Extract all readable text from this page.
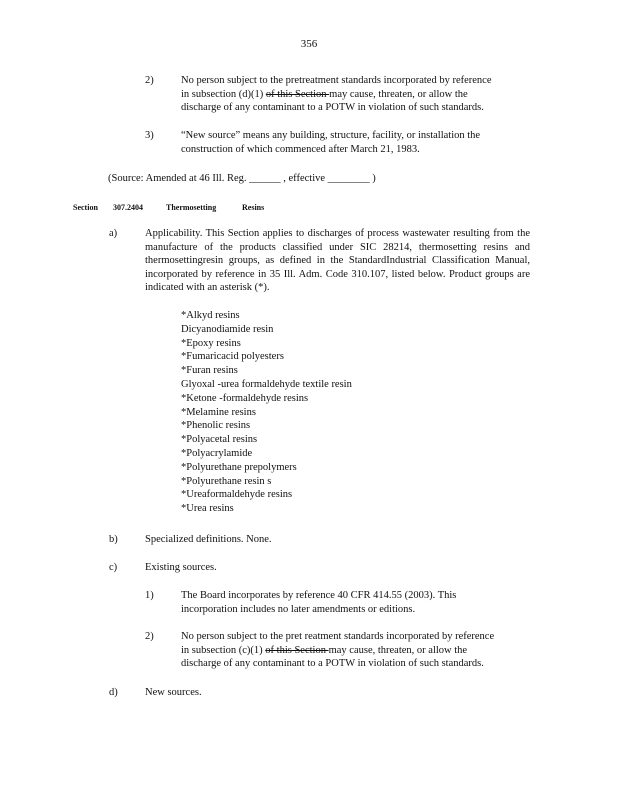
356
2)	No person subject to the pretreatment standards incorporated by reference
in subsection (d)(1) of this Section may cause, threaten, or allow the
discharge of any contaminant to a POTW in violation of such standards.
3)	“New source” means any building, structure, facility, or installation the
construction of which commenced after March 21, 1983.
(Source: Amended at 46 Ill. Reg. ______ , effective ________ )
Section 307.2404	Thermosetting	Resins
a)	Applicability. This Section applies to discharges of process wastewater resulting from the manufacture of the products classified under SIC 28214, thermosetting resins and thermosettingresin groups, as defined in the StandardIndustrial Classification Manual, incorporated by reference in 35 Ill. Adm. Code 310.107, listed below. Product groups are indicated with an asterisk (*).
*Alkyd resins
Dicyanodiamide resin
*Epoxy resins
*Fumaricacid polyesters
*Furan resins
Glyoxal -urea formaldehyde textile resin
*Ketone -formaldehyde resins
*Melamine resins
*Phenolic resins
*Polyacetal resins
*Polyacrylamide
*Polyurethane prepolymers
*Polyurethane resin s
*Ureaformaldehyde resins
*Urea resins
b)	Specialized definitions. None.
c)	Existing sources.
1)	The Board incorporates by reference 40 CFR 414.55 (2003). This
incorporation includes no later amendments or editions.
2)	No person subject to the pret reatment standards incorporated by reference
in subsection (c)(1) of this Section may cause, threaten, or allow the
discharge of any contaminant to a POTW in violation of such standards.
d)	New sources.
